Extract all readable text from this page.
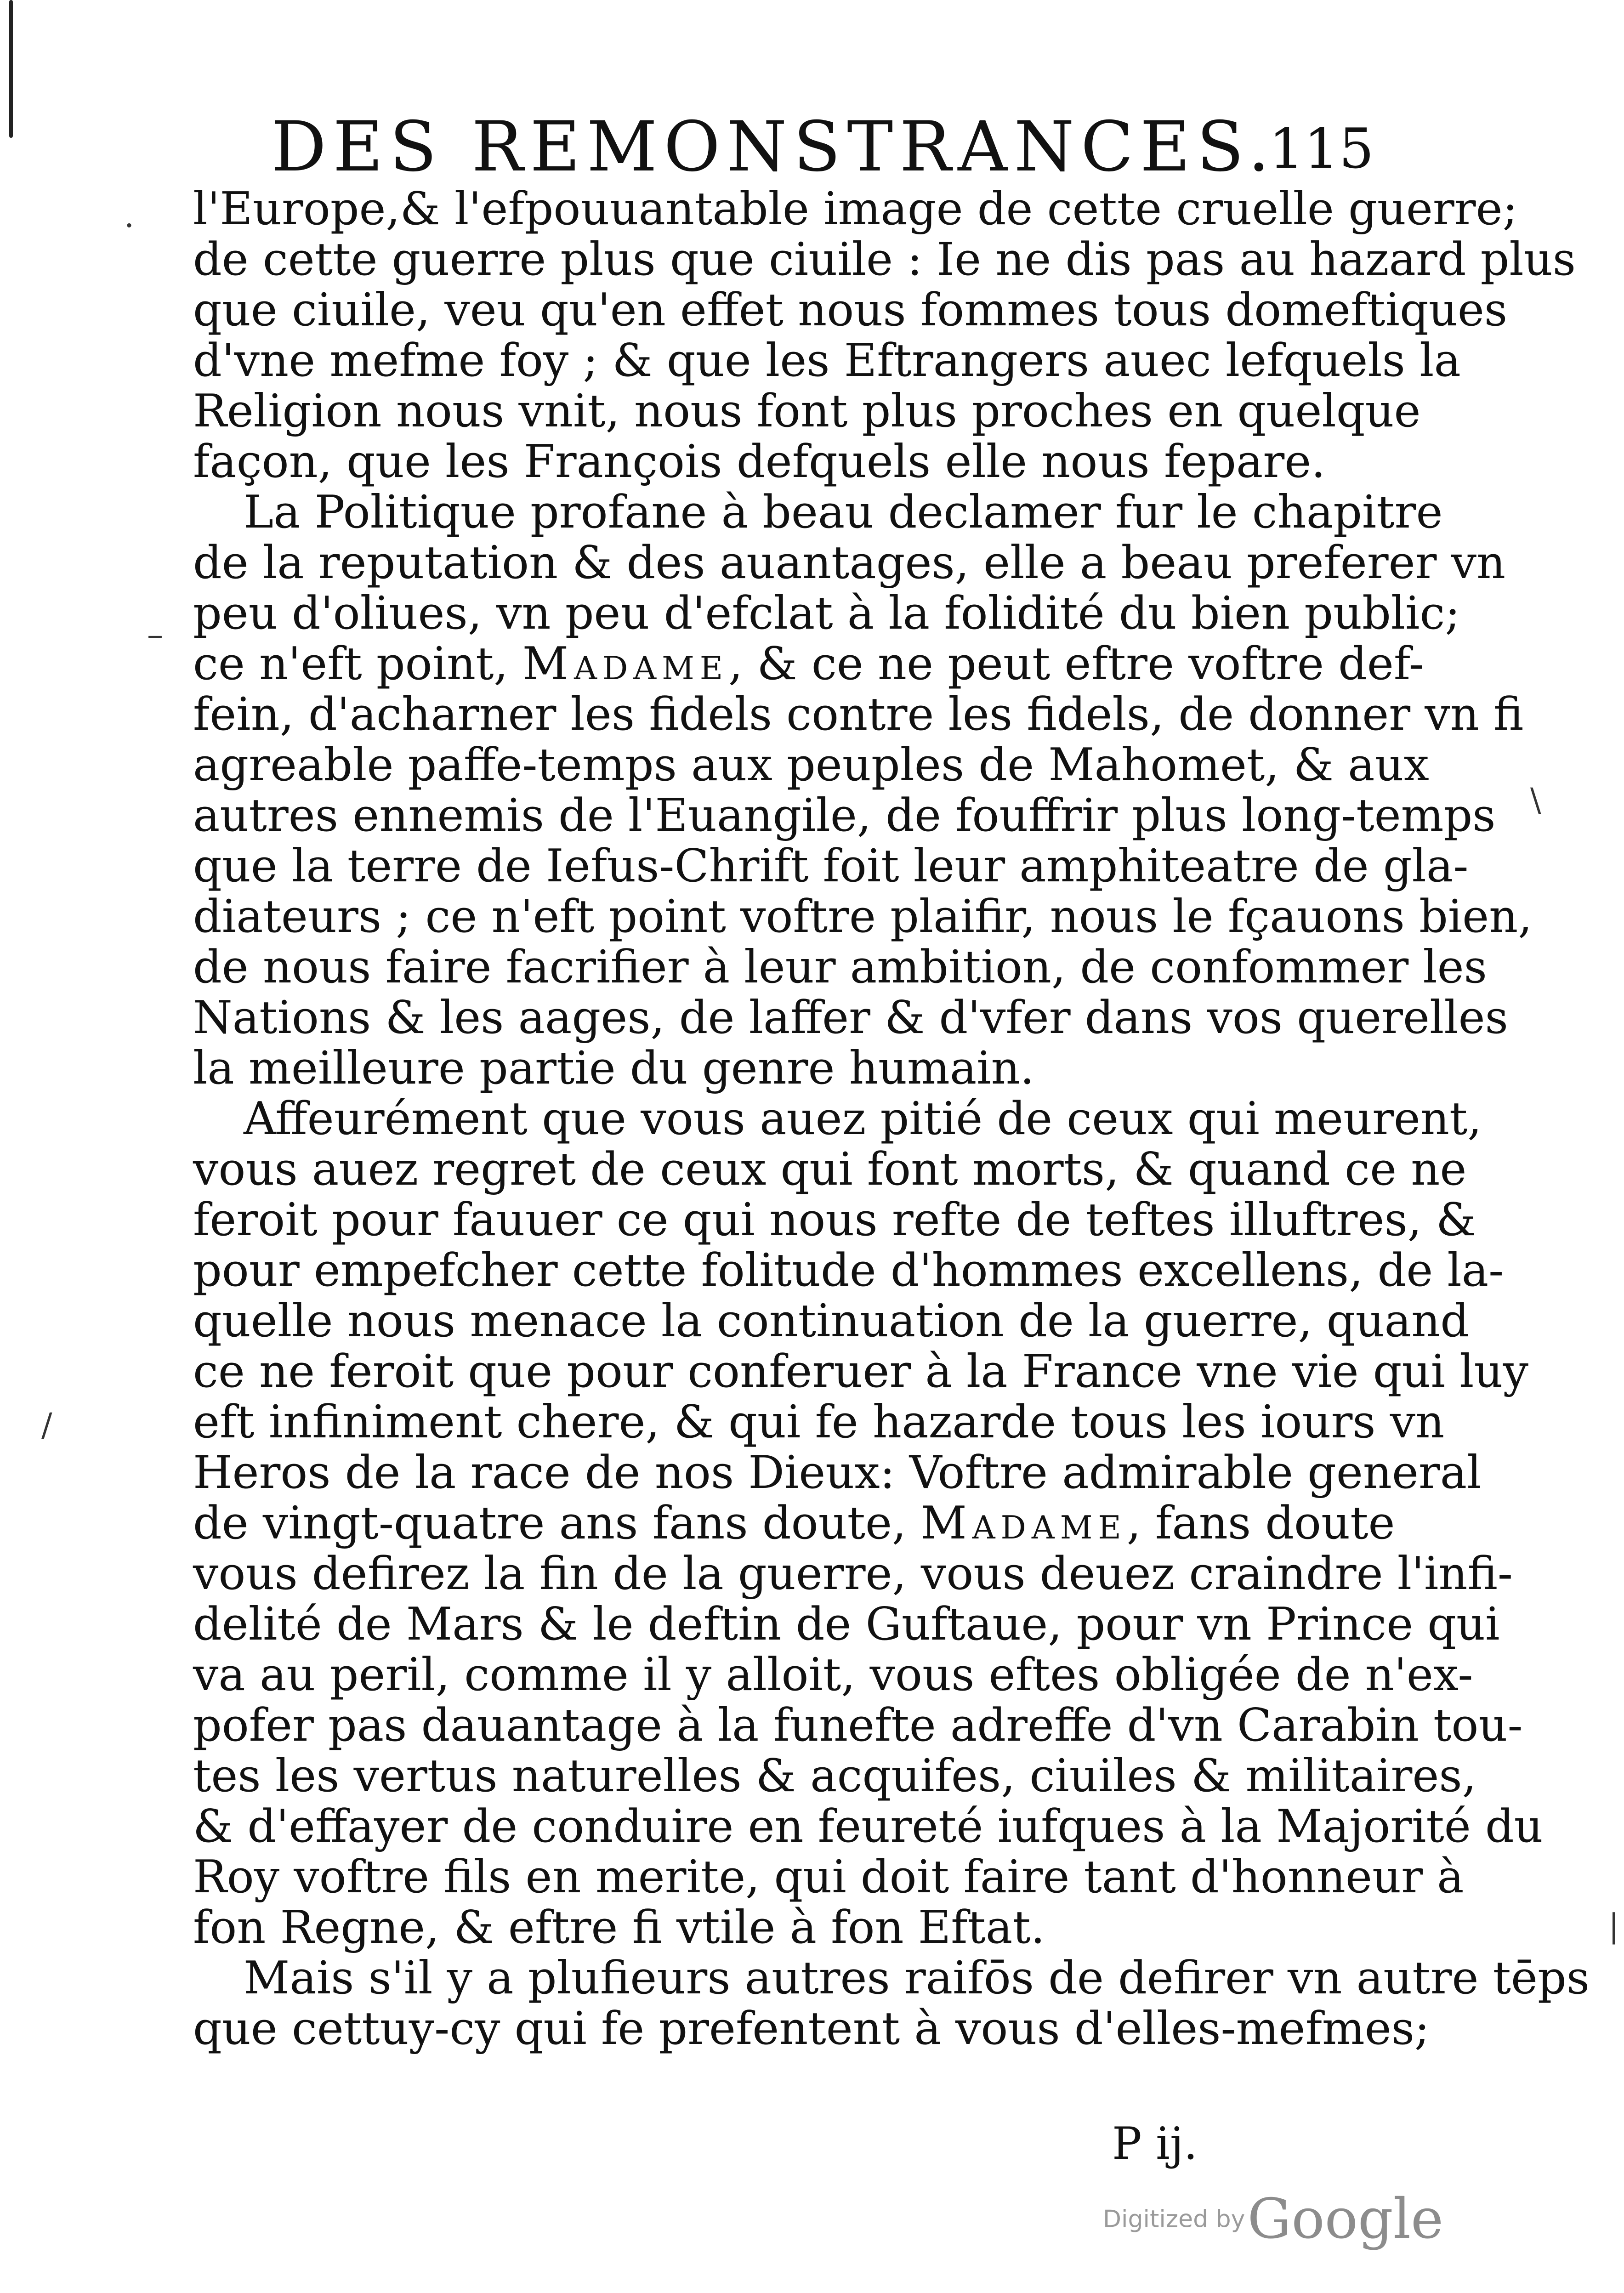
DES REMONSTRANCES.
115
l'Europe,& l'efpouuantable image de cette cruelle guerre;
de cette guerre plus que ciuile : Ie ne dis pas au hazard plus
que ciuile, veu qu'en effet nous fommes tous domeftiques
d'vne mefme foy ; & que les Eftrangers auec lefquels la
Religion nous vnit, nous font plus proches en quelque
façon, que les François defquels elle nous fepare.
La Politique profane à beau declamer fur le chapitre
de la reputation & des auantages, elle a beau preferer vn
peu d'oliues, vn peu d'efclat à la folidité du bien public;
ce n'eft point, Madame, & ce ne peut eftre voftre def-
fein, d'acharner les fidels contre les fidels, de donner vn fi
agreable paffe-temps aux peuples de Mahomet, & aux
autres ennemis de l'Euangile, de fouffrir plus long-temps
que la terre de Iefus-Chrift foit leur amphiteatre de gla-
diateurs ; ce n'eft point voftre plaifir, nous le fçauons bien,
de nous faire facrifier à leur ambition, de confommer les
Nations & les aages, de laffer & d'vfer dans vos querelles
la meilleure partie du genre humain.
Affeurément que vous auez pitié de ceux qui meurent,
vous auez regret de ceux qui font morts, & quand ce ne
feroit pour fauuer ce qui nous refte de teftes illuftres, &
pour empefcher cette folitude d'hommes excellens, de la-
quelle nous menace la continuation de la guerre, quand
ce ne feroit que pour conferuer à la France vne vie qui luy
eft infiniment chere, & qui fe hazarde tous les iours vn
Heros de la race de nos Dieux: Voftre admirable general
de vingt-quatre ans fans doute, Madame, fans doute
vous defirez la fin de la guerre, vous deuez craindre l'infi-
delité de Mars & le deftin de Guftaue, pour vn Prince qui
va au peril, comme il y alloit, vous eftes obligée de n'ex-
pofer pas dauantage à la funefte adreffe d'vn Carabin tou-
tes les vertus naturelles & acquifes, ciuiles & militaires,
& d'effayer de conduire en feureté iufques à la Majorité du
Roy voftre fils en merite, qui doit faire tant d'honneur à
fon Regne, & eftre fi vtile à fon Eftat.
Mais s'il y a plufieurs autres raifōs de defirer vn autre tēps
que cettuy-cy qui fe prefentent à vous d'elles-mefmes;
P ij.
·
–
\
/
|
Digitized by Google
